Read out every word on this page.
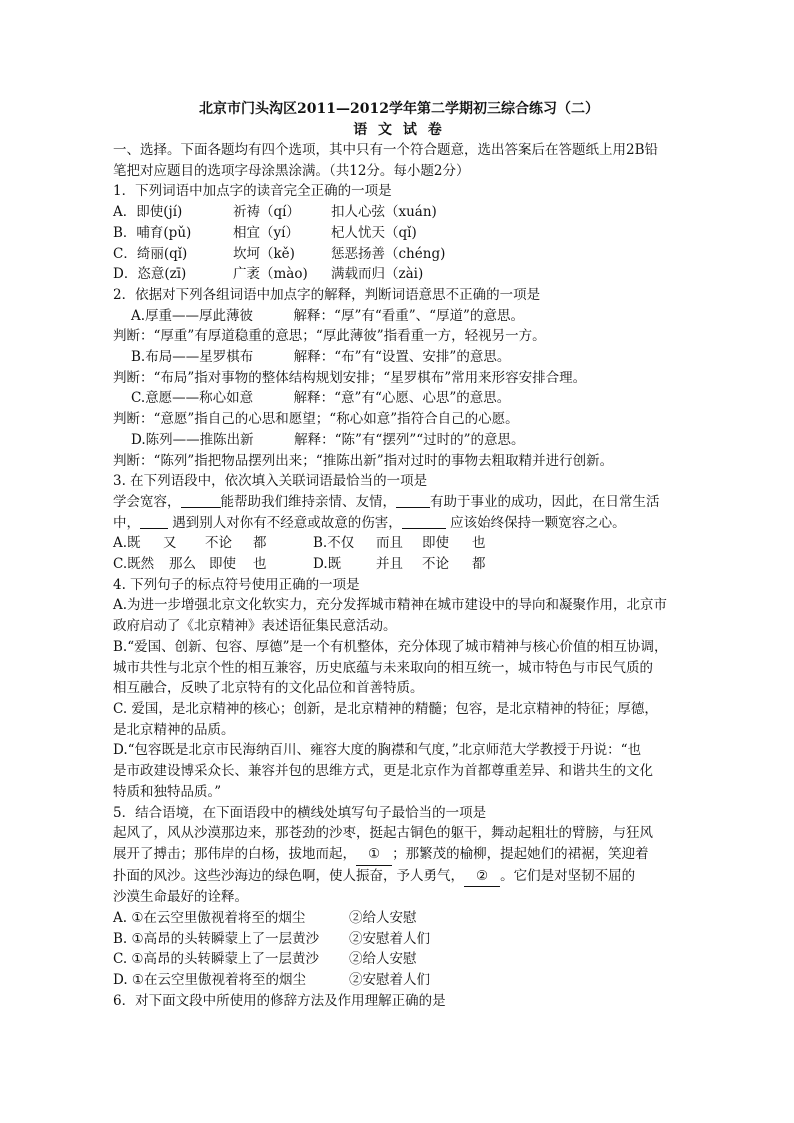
北京市门头沟区2011—2012学年第二学期初三综合练习（二）

语 文 试 卷

一、选择。下面各题均有四个选项，其中只有一个符合题意，选出答案后在答题纸上用2B铅

笔把对应题目的选项字母涂黑涂满。（共12分。每小题2分）

1．下列词语中加点字的读音完全正确的一项是

A．即使(jí)	祈祷（qí） 扣人心弦（xuán)

B．哺育(pǔ)	相宜（yí） 杞人忧天（qǐ)

C．绮丽(qǐ)	坎坷（kě)	惩恶扬善（chéng)

D．恣意(zī)	广袤（mào) 满载而归（zài)

2．依据对下列各组词语中加点字的解释，判断词语意思不正确的一项是

A.厚重——厚此薄彼　　　解释：“厚”有“看重”、“厚道”的意思。

判断：“厚重”有厚道稳重的意思；“厚此薄彼”指看重一方，轻视另一方。

B.布局——星罗棋布　　　解释：“布”有“设置、安排”的意思。

判断：“布局”指对事物的整体结构规划安排；“星罗棋布”常用来形容安排合理。

C.意愿——称心如意　　　解释：“意”有“心愿、心思”的意思。

判断：“意愿”指自己的心思和愿望；“称心如意”指符合自己的心愿。

D.陈列——推陈出新　　　解释：“陈”有“摆列”“过时的”的意思。

判断：“陈列”指把物品摆列出来；“推陈出新”指对过时的事物去粗取精并进行创新。

3. 在下列语段中，依次填入关联词语最恰当的一项是

学会宽容，	能帮助我们维持亲情、友情，	有助于事业的成功，因此，在日常生活

中， 遇到别人对你有不经意或故意的伤害，	应该始终保持一颗宽容之心。

A.既 又 不论 都	B.不仅 而且 即使 也

C.既然 那么 即使 也	D.既	并且 不论 都

4. 下列句子的标点符号使用正确的一项是

A.为进一步增强北京文化软实力，充分发挥城市精神在城市建设中的导向和凝聚作用，北京市

政府启动了《北京精神》表述语征集民意活动。

B.“爱国、创新、包容、厚德”是一个有机整体，充分体现了城市精神与核心价值的相互协调，

城市共性与北京个性的相互兼容，历史底蕴与未来取向的相互统一，城市特色与市民气质的

相互融合，反映了北京特有的文化品位和首善特质。

C. 爱国，是北京精神的核心；创新，是北京精神的精髓；包容，是北京精神的特征；厚德，

是北京精神的品质。

D.“包容既是北京市民海纳百川、雍容大度的胸襟和气度，”北京师范大学教授于丹说：“也

是市政建设博采众长、兼容并包的思维方式，更是北京作为首都尊重差异、和谐共生的文化

特质和独特品质。”

5．结合语境，在下面语段中的横线处填写句子最恰当的一项是

起风了，风从沙漠那边来，那苍劲的沙枣，挺起古铜色的躯干，舞动起粗壮的臂膀，与狂风

展开了搏击；那伟岸的白杨，拔地而起， ① ；那繁茂的榆柳，提起她们的裙裾，笑迎着

扑面的风沙。这些沙海边的绿色啊，使人振奋，予人勇气， ② 。它们是对坚韧不屈的

沙漠生命最好的诠释。

A. ①在云空里傲视着将至的烟尘	②给人安慰

B. ①高昂的头转瞬蒙上了一层黄沙 ②安慰着人们

C. ①高昂的头转瞬蒙上了一层黄沙 ②给人安慰

D. ①在云空里傲视着将至的烟尘	②安慰着人们

6．对下面文段中所使用的修辞方法及作用理解正确的是
